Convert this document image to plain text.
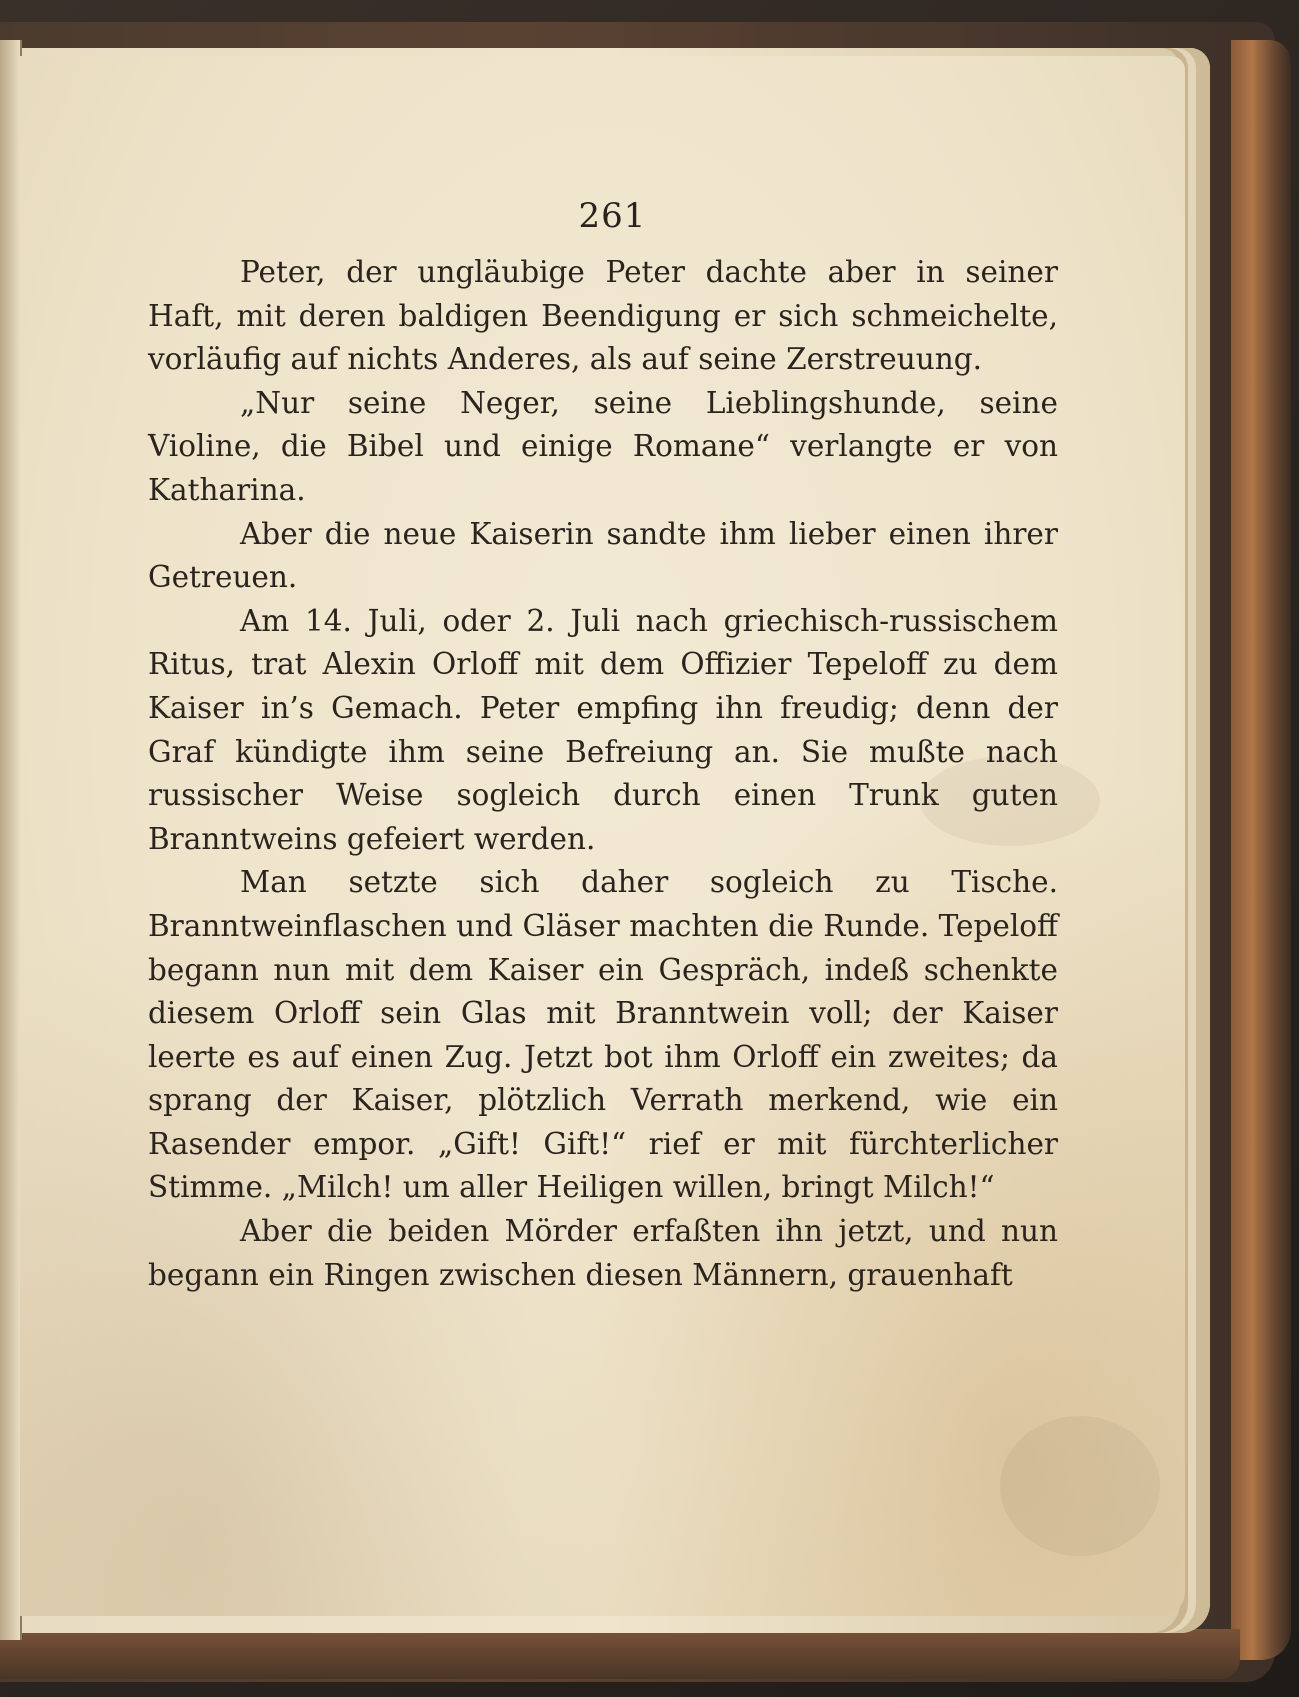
261

Peter, der ungläubige Peter dachte aber in seiner Haft, mit deren baldigen Beendigung er sich schmeichelte, vorläufig auf nichts Anderes, als auf seine Zerstreuung.

„Nur seine Neger, seine Lieblingshunde, seine Violine, die Bibel und einige Romane“ verlangte er von Katharina.

Aber die neue Kaiserin sandte ihm lieber einen ihrer Getreuen.

Am 14. Juli, oder 2. Juli nach griechisch-russischem Ritus, trat Alexin Orloff mit dem Offizier Tepeloff zu dem Kaiser in’s Gemach. Peter empfing ihn freudig; denn der Graf kündigte ihm seine Befreiung an. Sie mußte nach russischer Weise sogleich durch einen Trunk guten Branntweins gefeiert werden.

Man setzte sich daher sogleich zu Tische. Branntweinflaschen und Gläser machten die Runde. Tepeloff begann nun mit dem Kaiser ein Gespräch, indeß schenkte diesem Orloff sein Glas mit Branntwein voll; der Kaiser leerte es auf einen Zug. Jetzt bot ihm Orloff ein zweites; da sprang der Kaiser, plötzlich Verrath merkend, wie ein Rasender empor. „Gift! Gift!“ rief er mit fürchterlicher Stimme. „Milch! um aller Heiligen willen, bringt Milch!“

Aber die beiden Mörder erfaßten ihn jetzt, und nun begann ein Ringen zwischen diesen Männern, grauenhaft
